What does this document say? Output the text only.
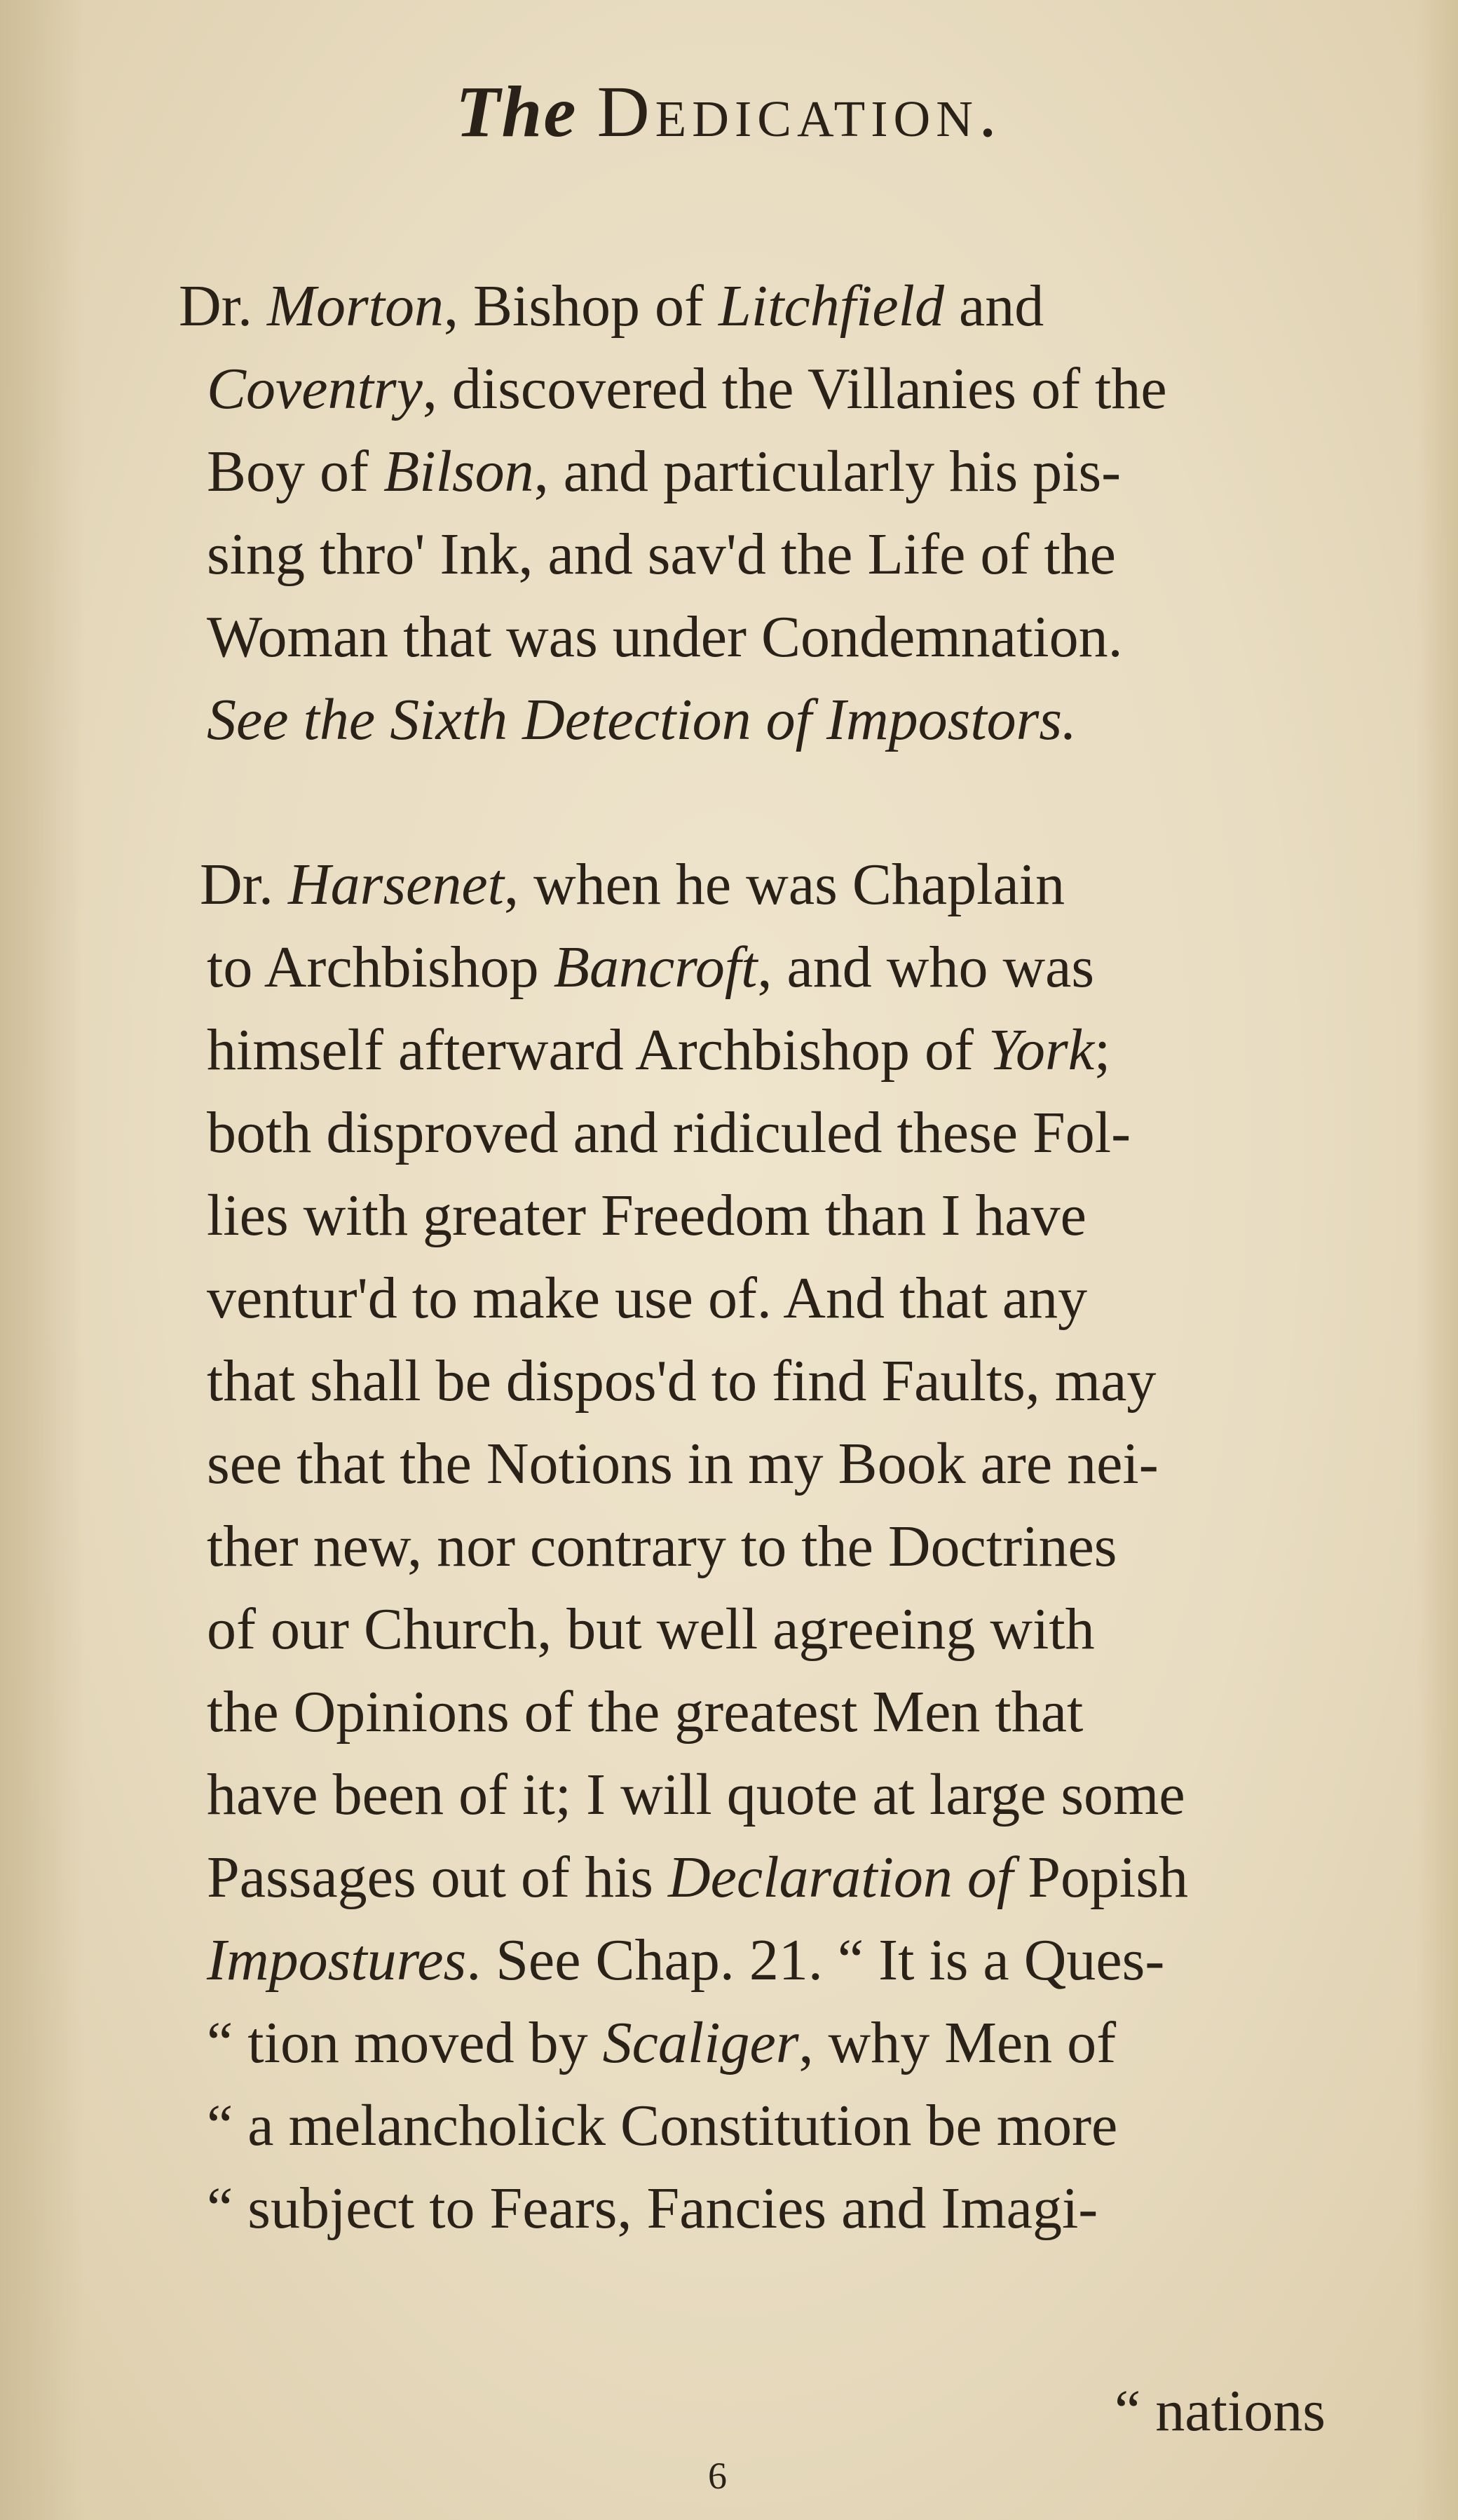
The Dedication.
Dr. Morton, Bishop of Litchfield and
Coventry, discovered the Villanies of the
Boy of Bilson, and particularly his pis-
sing thro' Ink, and sav'd the Life of the
Woman that was under Condemnation.
See the Sixth Detection of Impostors.
Dr. Harsenet, when he was Chaplain
to Archbishop Bancroft, and who was
himself afterward Archbishop of York;
both disproved and ridiculed these Fol-
lies with greater Freedom than I have
ventur'd to make use of. And that any
that shall be dispos'd to find Faults, may
see that the Notions in my Book are nei-
ther new, nor contrary to the Doctrines
of our Church, but well agreeing with
the Opinions of the greatest Men that
have been of it; I will quote at large some
Passages out of his Declaration of Popish
Impostures. See Chap. 21. “ It is a Ques-
“ tion moved by Scaliger, why Men of
“ a melancholick Constitution be more
“ subject to Fears, Fancies and Imagi-
“ nations
6
